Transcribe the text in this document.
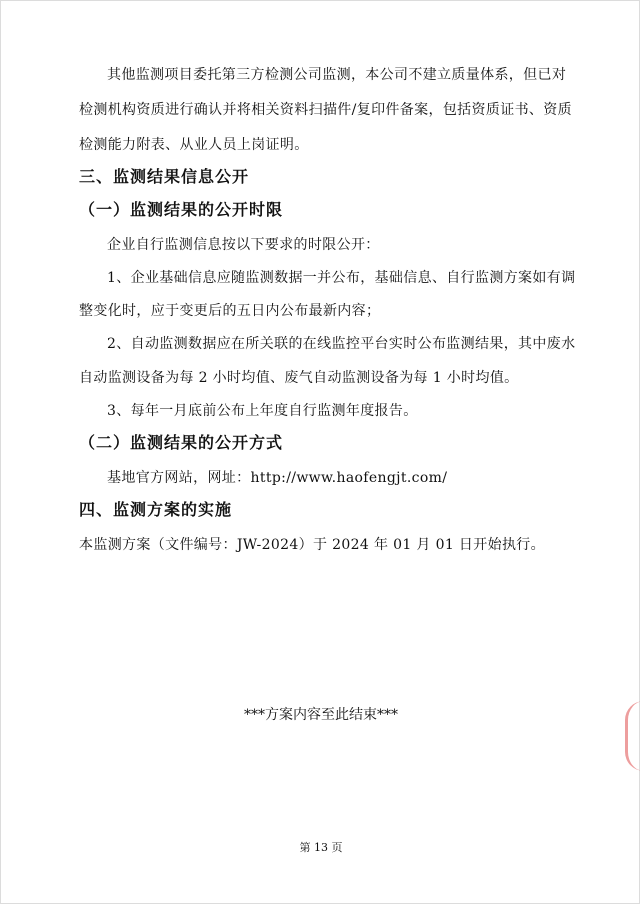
其他监测项目委托第三方检测公司监测，本公司不建立质量体系，但已对
检测机构资质进行确认并将相关资料扫描件/复印件备案，包括资质证书、资质
检测能力附表、从业人员上岗证明。
三、监测结果信息公开
（一）监测结果的公开时限
企业自行监测信息按以下要求的时限公开：
1、企业基础信息应随监测数据一并公布，基础信息、自行监测方案如有调
整变化时，应于变更后的五日内公布最新内容；
2、自动监测数据应在所关联的在线监控平台实时公布监测结果，其中废水
自动监测设备为每 2 小时均值、废气自动监测设备为每 1 小时均值。
3、每年一月底前公布上年度自行监测年度报告。
（二）监测结果的公开方式
基地官方网站，网址：http://www.haofengjt.com/
四、监测方案的实施
本监测方案（文件编号：JW-2024）于 2024 年 01 月 01 日开始执行。
***方案内容至此结束***
第 13 页
